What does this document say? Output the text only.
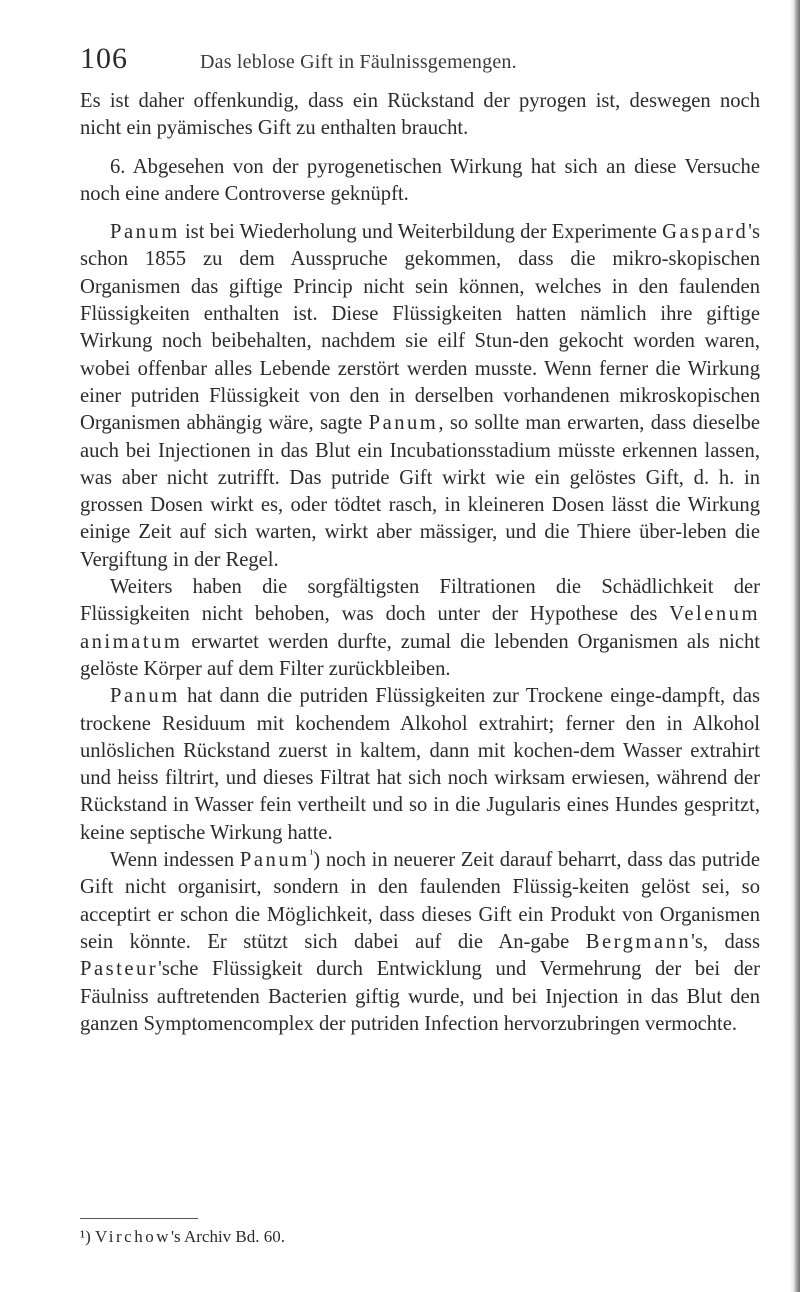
106	Das leblose Gift in Fäulnissgemengen.

Es ist daher offenkundig, dass ein Rückstand der pyrogen ist, deswegen noch nicht ein pyämisches Gift zu enthalten braucht.

6. Abgesehen von der pyrogenetischen Wirkung hat sich an diese Versuche noch eine andere Controverse geknüpft.

Panum ist bei Wiederholung und Weiterbildung der Experimente Gaspard's schon 1855 zu dem Ausspruche gekommen, dass die mikro-skopischen Organismen das giftige Princip nicht sein können, welches in den faulenden Flüssigkeiten enthalten ist. Diese Flüssigkeiten hatten nämlich ihre giftige Wirkung noch beibehalten, nachdem sie eilf Stun-den gekocht worden waren, wobei offenbar alles Lebende zerstört werden musste. Wenn ferner die Wirkung einer putriden Flüssigkeit von den in derselben vorhandenen mikroskopischen Organismen abhängig wäre, sagte Panum, so sollte man erwarten, dass dieselbe auch bei Injectionen in das Blut ein Incubationsstadium müsste erkennen lassen, was aber nicht zutrifft. Das putride Gift wirkt wie ein gelöstes Gift, d. h. in grossen Dosen wirkt es, oder tödtet rasch, in kleineren Dosen lässt die Wirkung einige Zeit auf sich warten, wirkt aber mässiger, und die Thiere über-leben die Vergiftung in der Regel.

Weiters haben die sorgfältigsten Filtrationen die Schädlichkeit der Flüssigkeiten nicht behoben, was doch unter der Hypothese des Velenum animatum erwartet werden durfte, zumal die lebenden Organismen als nicht gelöste Körper auf dem Filter zurückbleiben.

Panum hat dann die putriden Flüssigkeiten zur Trockene einge-dampft, das trockene Residuum mit kochendem Alkohol extrahirt; ferner den in Alkohol unlöslichen Rückstand zuerst in kaltem, dann mit kochen-dem Wasser extrahirt und heiss filtrirt, und dieses Filtrat hat sich noch wirksam erwiesen, während der Rückstand in Wasser fein vertheilt und so in die Jugularis eines Hundes gespritzt, keine septische Wirkung hatte.

Wenn indessen Panum$^{^1}$) noch in neuerer Zeit darauf beharrt, dass das putride Gift nicht organisirt, sondern in den faulenden Flüssig-keiten gelöst sei, so acceptirt er schon die Möglichkeit, dass dieses Gift ein Produkt von Organismen sein könnte. Er stützt sich dabei auf die An-gabe Bergmann's, dass Pasteur'sche Flüssigkeit durch Entwicklung und Vermehrung der bei der Fäulniss auftretenden Bacterien giftig wurde, und bei Injection in das Blut den ganzen Symptomencomplex der putriden Infection hervorzubringen vermochte.

¹) Virchow's Archiv Bd. 60.
